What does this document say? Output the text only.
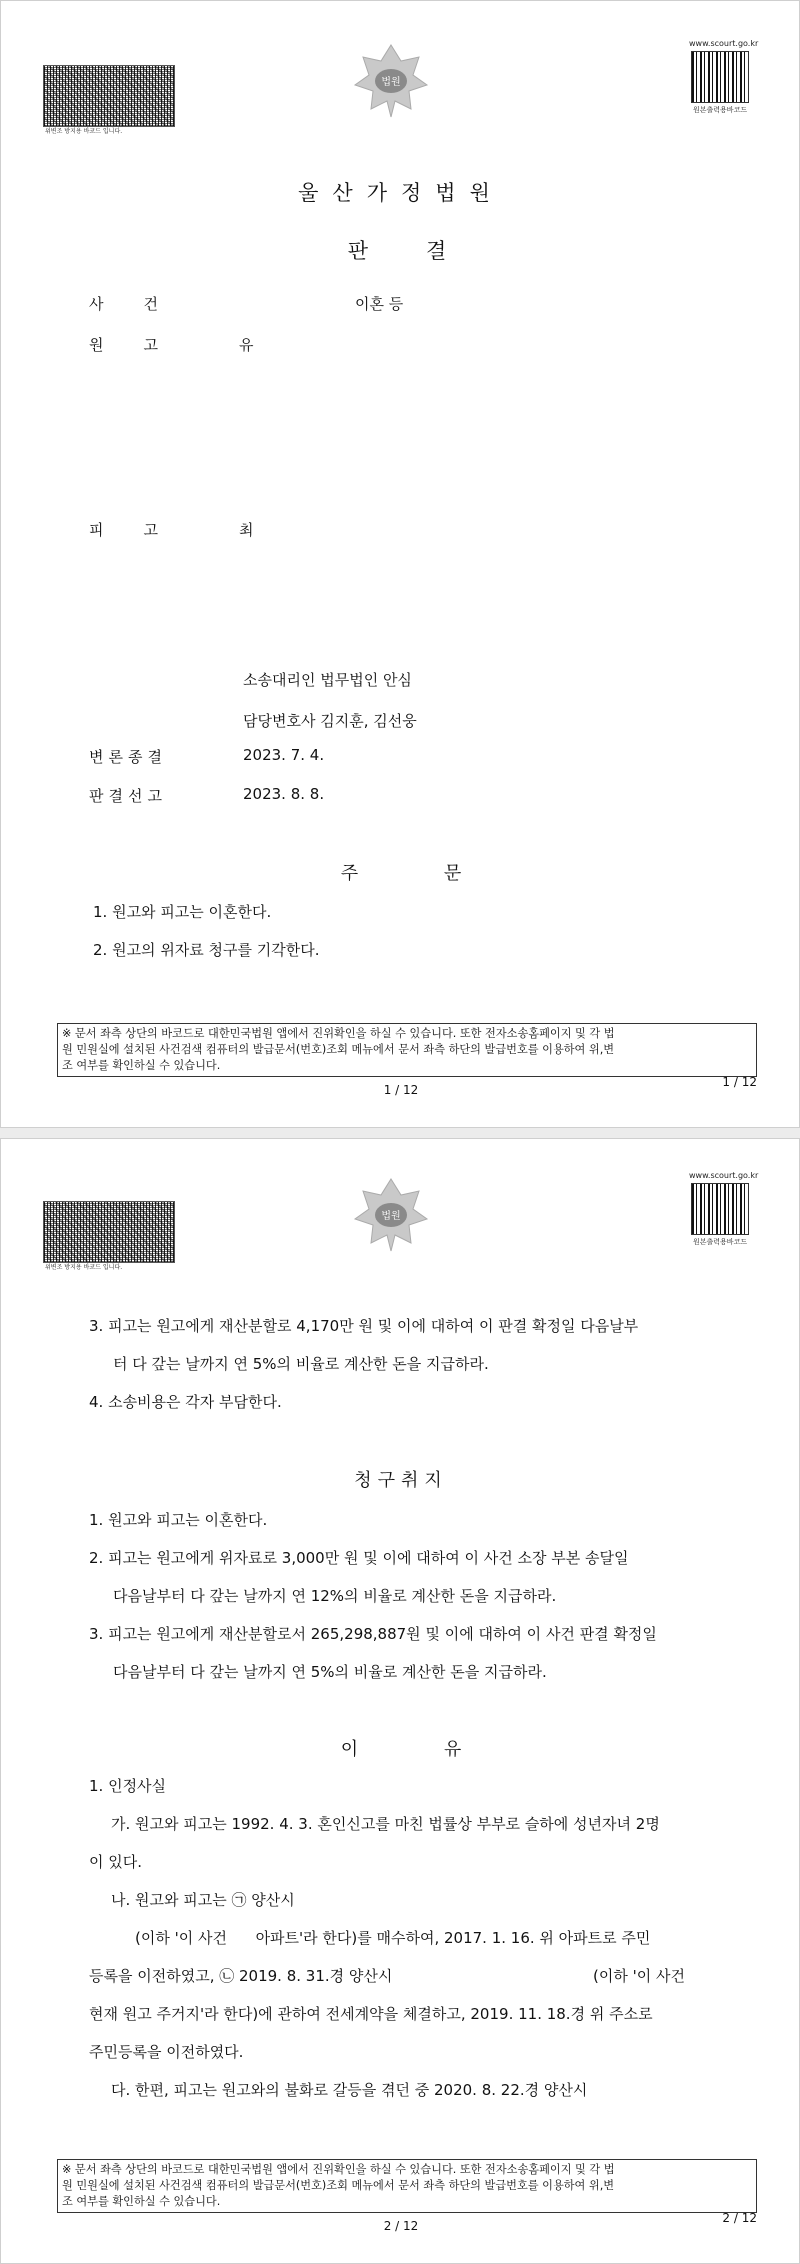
위변조 방지용 바코드 입니다.
법원
www.scourt.go.kr
원본출력용바코드
울산가정법원
판결
사건	이혼 등
원고	유
피고	최
소송대리인 법무법인 안심
담당변호사 김지훈, 김선웅
변론종결	2023. 7. 4.
판결선고	2023. 8. 8.
주 문
1. 원고와 피고는 이혼한다.
2. 원고의 위자료 청구를 기각한다.
※ 문서 좌측 상단의 바코드로 대한민국법원 앱에서 진위확인을 하실 수 있습니다. 또한 전자소송홈페이지 및 각 법
원 민원실에 설치된 사건검색 컴퓨터의 발급문서(번호)조회 메뉴에서 문서 좌측 하단의 발급번호를 이용하여 위,변
조 여부를 확인하실 수 있습니다.
1 / 12
1 / 12
위변조 방지용 바코드 입니다.
법원
www.scourt.go.kr
원본출력용바코드
3. 피고는 원고에게 재산분할로 4,170만 원 및 이에 대하여 이 판결 확정일 다음날부
터 다 갚는 날까지 연 5%의 비율로 계산한 돈을 지급하라.
4. 소송비용은 각자 부담한다.
청구취지
1. 원고와 피고는 이혼한다.
2. 피고는 원고에게 위자료로 3,000만 원 및 이에 대하여 이 사건 소장 부본 송달일
다음날부터 다 갚는 날까지 연 12%의 비율로 계산한 돈을 지급하라.
3. 피고는 원고에게 재산분할로서 265,298,887원 및 이에 대하여 이 사건 판결 확정일
다음날부터 다 갚는 날까지 연 5%의 비율로 계산한 돈을 지급하라.
이 유
1. 인정사실
가. 원고와 피고는 1992. 4. 3. 혼인신고를 마친 법률상 부부로 슬하에 성년자녀 2명
이 있다.
나. 원고와 피고는 ㉠ 양산시
(이하 '이 사건      아파트'라 한다)를 매수하여, 2017. 1. 16. 위 아파트로 주민
등록을 이전하였고, ㉡ 2019. 8. 31.경 양산시	(이하 '이 사건
현재 원고 주거지'라 한다)에 관하여 전세계약을 체결하고, 2019. 11. 18.경 위 주소로
주민등록을 이전하였다.
다. 한편, 피고는 원고와의 불화로 갈등을 겪던 중 2020. 8. 22.경 양산시
※ 문서 좌측 상단의 바코드로 대한민국법원 앱에서 진위확인을 하실 수 있습니다. 또한 전자소송홈페이지 및 각 법
원 민원실에 설치된 사건검색 컴퓨터의 발급문서(번호)조회 메뉴에서 문서 좌측 하단의 발급번호를 이용하여 위,변
조 여부를 확인하실 수 있습니다.
2 / 12
2 / 12
